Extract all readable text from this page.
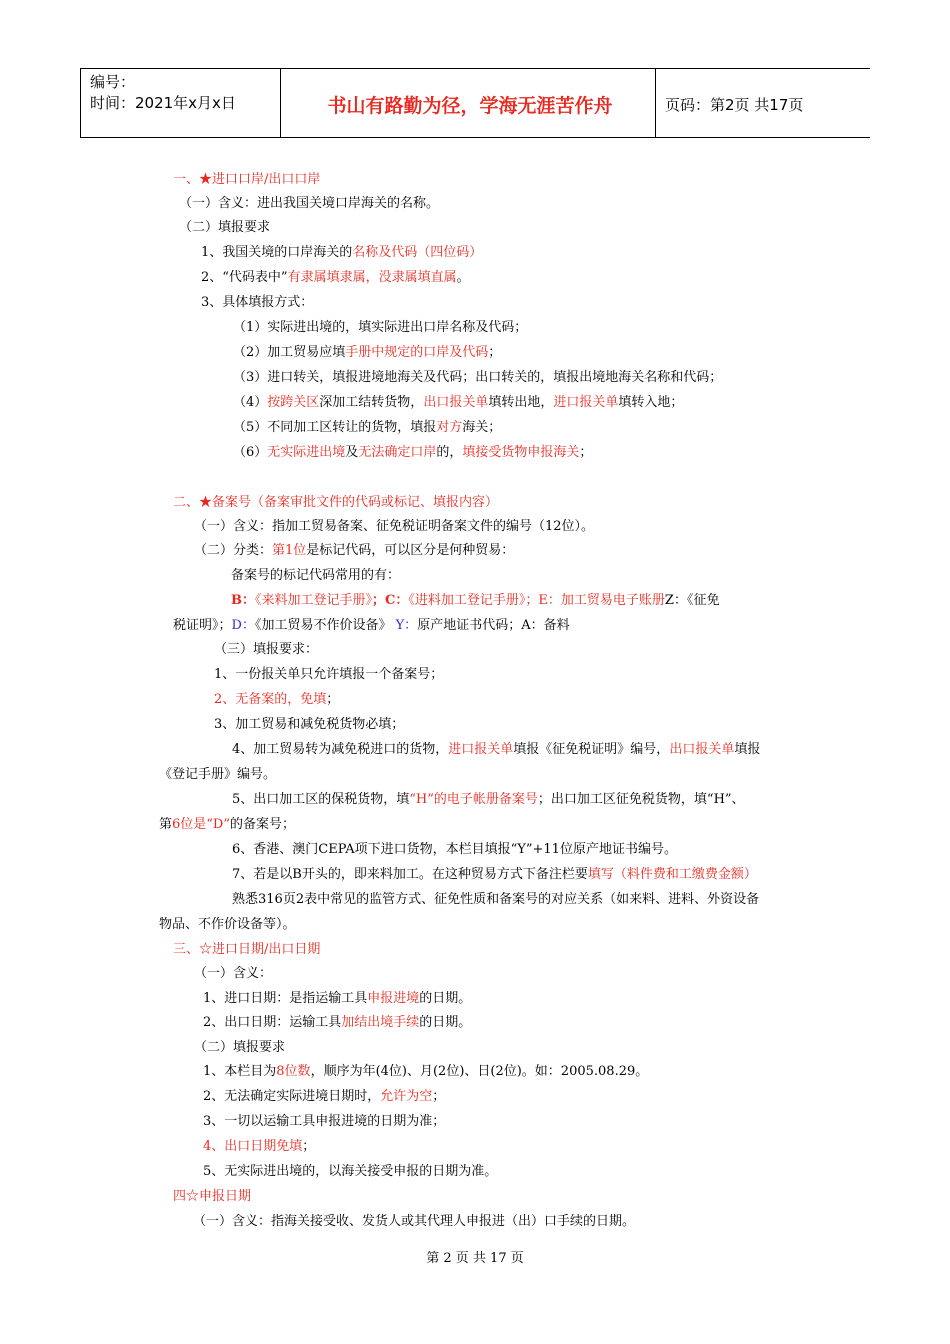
编号：
时间：2021年x月x日	书山有路勤为径，学海无涯苦作舟	页码：第2页 共17页
一、★进口口岸/出口口岸
（一）含义：进出我国关境口岸海关的名称。
（二）填报要求
1、我国关境的口岸海关的名称及代码（四位码）
2、“代码表中”有隶属填隶属，没隶属填直属。
3、具体填报方式：
（1）实际进出境的，填实际进出口岸名称及代码；
（2）加工贸易应填手册中规定的口岸及代码；
（3）进口转关，填报进境地海关及代码；出口转关的，填报出境地海关名称和代码；
（4）按跨关区深加工结转货物，出口报关单填转出地，进口报关单填转入地；
（5）不同加工区转让的货物，填报对方海关；
（6）无实际进出境及无法确定口岸的，填接受货物申报海关；
二、★备案号（备案审批文件的代码或标记、填报内容）
（一）含义：指加工贸易备案、征免税证明备案文件的编号（12位）。
（二）分类：第1位是标记代码，可以区分是何种贸易：
备案号的标记代码常用的有：
B：《来料加工登记手册》；C：《进料加工登记手册》；E：加工贸易电子账册Z：《征免
税证明》；D：《加工贸易不作价设备》 Y：原产地证书代码；A：备料
（三）填报要求：
1、一份报关单只允许填报一个备案号；
2、无备案的，免填；
3、加工贸易和减免税货物必填；
4、加工贸易转为减免税进口的货物，进口报关单填报《征免税证明》编号，出口报关单填报
《登记手册》编号。
5、出口加工区的保税货物，填“H”的电子帐册备案号；出口加工区征免税货物，填“H”、
第6位是“D”的备案号；
6、香港、澳门CEPA项下进口货物，本栏目填报“Y”+11位原产地证书编号。
7、若是以B开头的，即来料加工。在这种贸易方式下备注栏要填写（料件费和工缴费金额）
熟悉316页2表中常见的监管方式、征免性质和备案号的对应关系（如来料、进料、外资设备
物品、不作价设备等）。
三、☆进口日期/出口日期
（一）含义：
1、进口日期：是指运输工具申报进境的日期。
2、出口日期：运输工具加结出境手续的日期。
（二）填报要求
1、本栏目为8位数，顺序为年(4位)、月(2位)、日(2位)。如：2005.08.29。
2、无法确定实际进境日期时，允许为空；
3、一切以运输工具申报进境的日期为准；
4、出口日期免填；
5、无实际进出境的，以海关接受申报的日期为准。
四☆申报日期
（一）含义：指海关接受收、发货人或其代理人申报进（出）口手续的日期。
第 2 页 共 17 页
